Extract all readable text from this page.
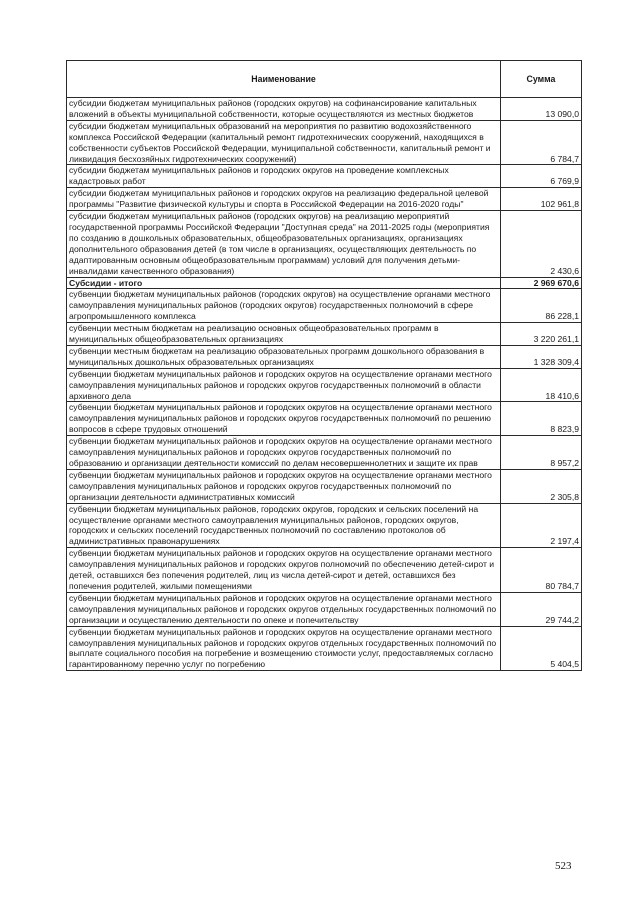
Наименование	Сумма
субсидии бюджетам муниципальных районов (городских округов) на софинансирование капитальных вложений в объекты муниципальной собственности, которые осуществляются из местных бюджетов	13 090,0
субсидии бюджетам муниципальных образований на мероприятия по развитию водохозяйственного комплекса Российской Федерации (капитальный ремонт гидротехнических сооружений, находящихся в собственности субъектов Российской Федерации, муниципальной собственности, капитальный ремонт и ликвидация бесхозяйных гидротехнических сооружений)	6 784,7
субсидии бюджетам муниципальных районов и городских округов на проведение комплексных кадастровых работ	6 769,9
субсидии бюджетам муниципальных районов и городских округов на реализацию федеральной целевой программы "Развитие физической культуры и спорта в Российской Федерации на 2016-2020 годы"	102 961,8
субсидии бюджетам муниципальных районов (городских округов) на реализацию мероприятий государственной программы Российской Федерации "Доступная среда" на 2011-2025 годы (мероприятия по созданию в дошкольных образовательных, общеобразовательных организациях, организациях дополнительного образования детей (в том числе в организациях, осуществляющих деятельность по адаптированным основным общеобразовательным программам) условий для получения детьми-инвалидами качественного образования)	2 430,6
Субсидии - итого	2 969 670,6
субвенции бюджетам муниципальных районов (городских округов) на осуществление органами местного самоуправления муниципальных районов (городских округов) государственных полномочий в сфере агропромышленного комплекса	86 228,1
субвенции местным бюджетам на реализацию основных общеобразовательных программ в муниципальных общеобразовательных организациях	3 220 261,1
субвенции местным бюджетам на реализацию образовательных программ дошкольного образования в муниципальных дошкольных образовательных организациях	1 328 309,4
субвенции бюджетам муниципальных районов и городских округов на осуществление органами местного самоуправления муниципальных районов и городских округов государственных полномочий в области архивного дела	18 410,6
субвенции бюджетам муниципальных районов и городских округов на осуществление органами местного самоуправления муниципальных районов и городских округов государственных полномочий по решению вопросов в сфере трудовых отношений	8 823,9
субвенции бюджетам муниципальных районов и городских округов на осуществление органами местного самоуправления муниципальных районов и городских округов государственных полномочий по образованию и организации деятельности комиссий по делам несовершеннолетних и защите их прав	8 957,2
субвенции бюджетам муниципальных районов и городских округов на осуществление органами местного самоуправления муниципальных районов и городских округов государственных полномочий по организации деятельности административных комиссий	2 305,8
субвенции бюджетам муниципальных районов, городских округов, городских и сельских поселений на осуществление органами местного самоуправления муниципальных районов, городских округов, городских и сельских поселений государственных полномочий по составлению протоколов об административных правонарушениях	2 197,4
субвенции бюджетам муниципальных районов и городских округов на осуществление органами местного самоуправления муниципальных районов и городских округов полномочий по обеспечению детей-сирот и детей, оставшихся без попечения родителей, лиц из числа детей-сирот и детей, оставшихся без попечения родителей, жилыми помещениями	80 784,7
субвенции бюджетам муниципальных районов и городских округов на осуществление органами местного самоуправления муниципальных районов и городских округов отдельных государственных полномочий по организации и осуществлению деятельности по опеке и попечительству	29 744,2
субвенции бюджетам муниципальных районов и городских округов на осуществление органами местного самоуправления муниципальных районов и городских округов отдельных государственных полномочий по выплате социального пособия на погребение и возмещению стоимости услуг, предоставляемых согласно гарантированному перечню услуг по погребению	5 404,5
523
